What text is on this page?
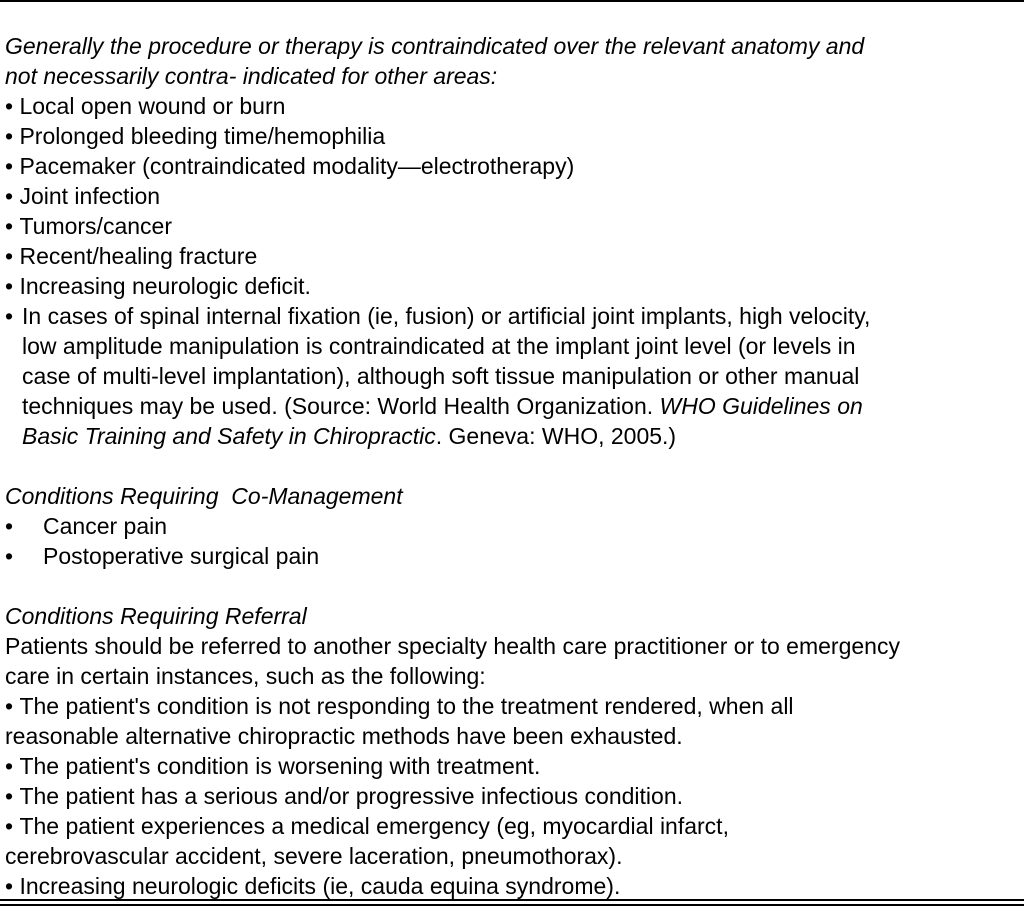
Generally the procedure or therapy is contraindicated over the relevant anatomy and
not necessarily contra- indicated for other areas:
• Local open wound or burn
• Prolonged bleeding time/hemophilia
• Pacemaker (contraindicated modality—electrotherapy)
• Joint infection
• Tumors/cancer
• Recent/healing fracture
• Increasing neurologic deficit.
• In cases of spinal internal fixation (ie, fusion) or artificial joint implants, high velocity,
low amplitude manipulation is contraindicated at the implant joint level (or levels in
case of multi-level implantation), although soft tissue manipulation or other manual
techniques may be used. (Source: World Health Organization. WHO Guidelines on
Basic Training and Safety in Chiropractic. Geneva: WHO, 2005.)
Conditions Requiring  Co-Management
• Cancer pain
• Postoperative surgical pain
Conditions Requiring Referral
Patients should be referred to another specialty health care practitioner or to emergency
care in certain instances, such as the following:
• The patient's condition is not responding to the treatment rendered, when all
reasonable alternative chiropractic methods have been exhausted.
• The patient's condition is worsening with treatment.
• The patient has a serious and/or progressive infectious condition.
• The patient experiences a medical emergency (eg, myocardial infarct,
cerebrovascular accident, severe laceration, pneumothorax).
• Increasing neurologic deficits (ie, cauda equina syndrome).
